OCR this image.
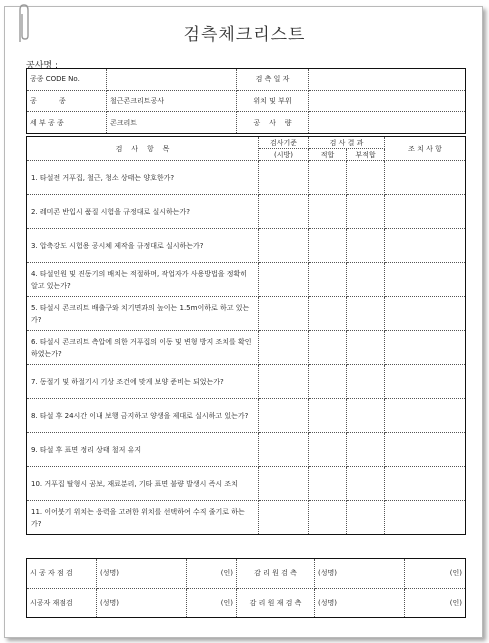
검측체크리스트
공사명 :
공종 CODE No.		검 측 일 자	
공          종	철근콘크리트공사	위치 및 부위	
세 부 공 종	콘크리트	공    사    량	
검    사    항    목	검사기준	검 사 결 과		조 치 사 항
	(시방)	적합	부적합	
1. 타설전 거푸집, 철근, 청소 상태는 양호한가?				
2. 레미콘 반입시 품질 시험을 규정대로 실시하는가?				
3. 압축강도 시험용 공시체 제작을 규정대로 실시하는가?				
4. 타설인원 및 진동기의 배치는 적절하며, 작업자가 사용방법을 정확히 알고 있는가?				
5. 타설시 콘크리트 배출구와 치기면과의 높이는 1.5m이하로 하고 있는가?				
6. 타설시 콘크리트 측압에 의한 거푸집의 이동 및 변형 방지 조치를 확인하였는가?				
7. 동절기 및 하절기시 기상 조건에 맞게 보양 준비는 되었는가?				
8. 타설 후 24시간 이내 보행 금지하고 양생을 제대로 실시하고 있는가?				
9. 타설 후 표면 정리 상태 철저 유지				
10. 거푸집 탈형시 곰보, 재료분리, 기타 표면 불량 발생시 즉시 조치				
11. 이어붓기 위치는 응력을 고려한 위치를 선택하여 수직 줄기로 하는가?				
시 공 자 점 검	(성명)	(인)	감 리 원 검 측	(성명)	(인)
시공자 재점검	(성명)	(인)	감 리 원 재 검 측	(성명)	(인)
